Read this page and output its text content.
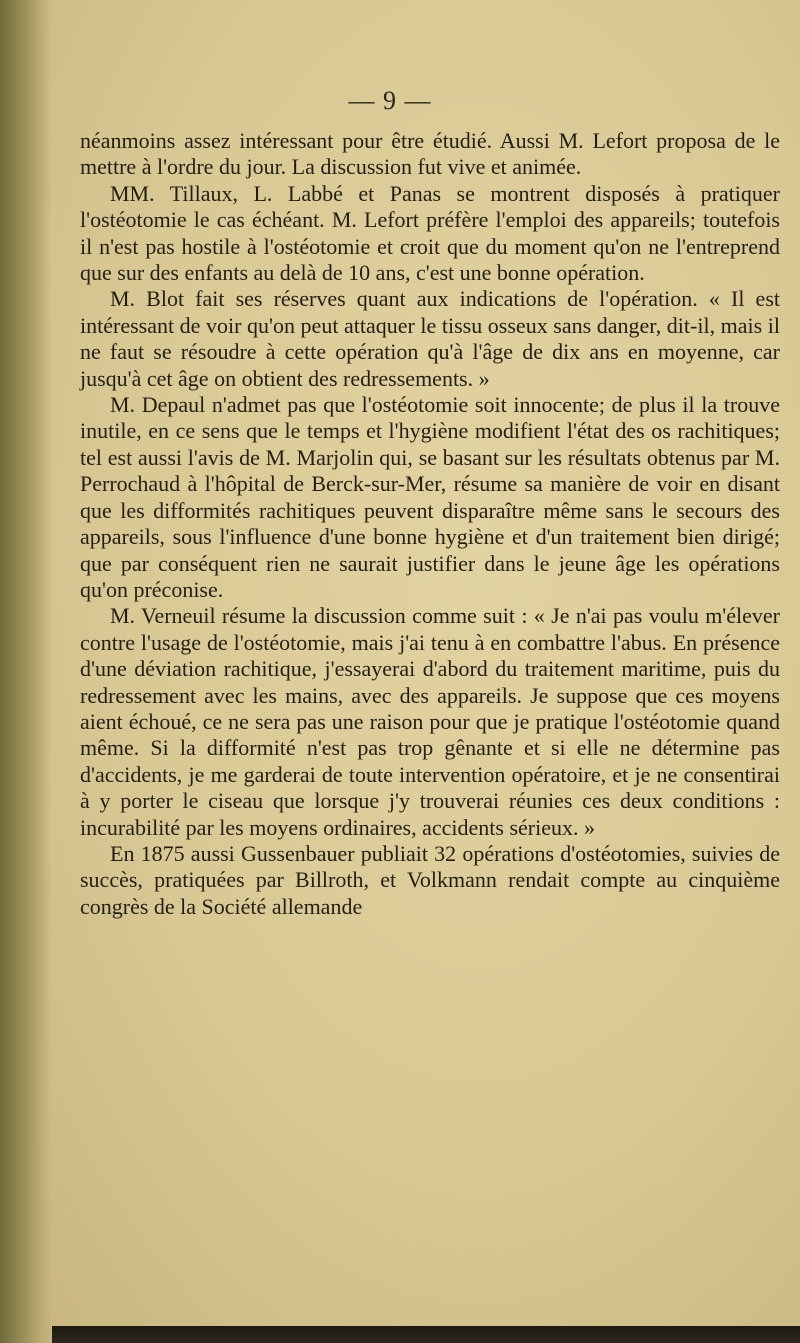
— 9 —

néanmoins assez intéressant pour être étudié. Aussi M. Lefort proposa de le mettre à l'ordre du jour. La discussion fut vive et animée.

MM. Tillaux, L. Labbé et Panas se montrent disposés à pratiquer l'ostéotomie le cas échéant. M. Lefort préfère l'emploi des appareils; toutefois il n'est pas hostile à l'ostéotomie et croit que du moment qu'on ne l'entreprend que sur des enfants au delà de 10 ans, c'est une bonne opération.

M. Blot fait ses réserves quant aux indications de l'opération. « Il est intéressant de voir qu'on peut attaquer le tissu osseux sans danger, dit-il, mais il ne faut se résoudre à cette opération qu'à l'âge de dix ans en moyenne, car jusqu'à cet âge on obtient des redressements. »

M. Depaul n'admet pas que l'ostéotomie soit innocente; de plus il la trouve inutile, en ce sens que le temps et l'hygiène modifient l'état des os rachitiques; tel est aussi l'avis de M. Marjolin qui, se basant sur les résultats obtenus par M. Perrochaud à l'hôpital de Berck-sur-Mer, résume sa manière de voir en disant que les difformités rachitiques peuvent disparaître même sans le secours des appareils, sous l'influence d'une bonne hygiène et d'un traitement bien dirigé; que par conséquent rien ne saurait justifier dans le jeune âge les opérations qu'on préconise.

M. Verneuil résume la discussion comme suit : « Je n'ai pas voulu m'élever contre l'usage de l'ostéotomie, mais j'ai tenu à en combattre l'abus. En présence d'une déviation rachitique, j'essayerai d'abord du traitement maritime, puis du redressement avec les mains, avec des appareils. Je suppose que ces moyens aient échoué, ce ne sera pas une raison pour que je pratique l'ostéotomie quand même. Si la difformité n'est pas trop gênante et si elle ne détermine pas d'accidents, je me garderai de toute intervention opératoire, et je ne consentirai à y porter le ciseau que lorsque j'y trouverai réunies ces deux conditions : incurabilité par les moyens ordinaires, accidents sérieux. »

En 1875 aussi Gussenbauer publiait 32 opérations d'ostéotomies, suivies de succès, pratiquées par Billroth, et Volkmann rendait compte au cinquième congrès de la Société allemande
